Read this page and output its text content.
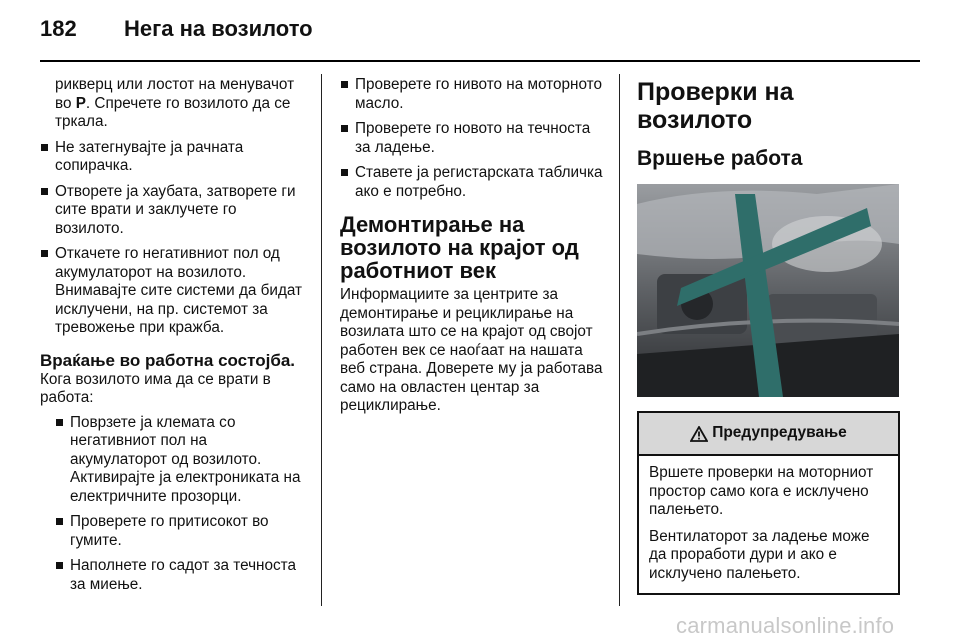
182 Нега на возилото

рикверц или лостот на менувачот во P. Спречете го возилото да се тркала.

Не затегнувајте ја рачната сопирачка.
Отворете ја хаубата, затворете ги сите врати и заклучете го возилото.
Откачете го негативниот пол од акумулаторот на возилото. Внимавајте сите системи да бидат исклучени, на пр. системот за тревожење при кражба.
Враќање во работна состојба.

Кога возилото има да се врати в работа:

Поврзете ја клемата со негативниот пол на акумулаторот од возилото. Активирајте ја електрониката на електричните прозорци.
Проверете го притисокот во гумите.
Наполнете го садот за течноста за миење.
Проверете го нивото на моторното масло.
Проверете го новото на течноста за ладење.
Ставете ја регистарската табличка ако е потребно.
Демонтирање на возилото на крајот од работниот век

Информациите за центрите за демонтирање и рециклирање на возилата што се на крајот од својот работен век се наоѓаат на нашата веб страна. Доверете му ја работава само на овластен центар за рециклирање.

Проверки на возилото
Вршење работа
Предупредување

Вршете проверки на моторниот простор само кога е исклучено палењето.

Вентилаторот за ладење може да проработи дури и ако е исклучено палењето.

carmanualsonline.info
